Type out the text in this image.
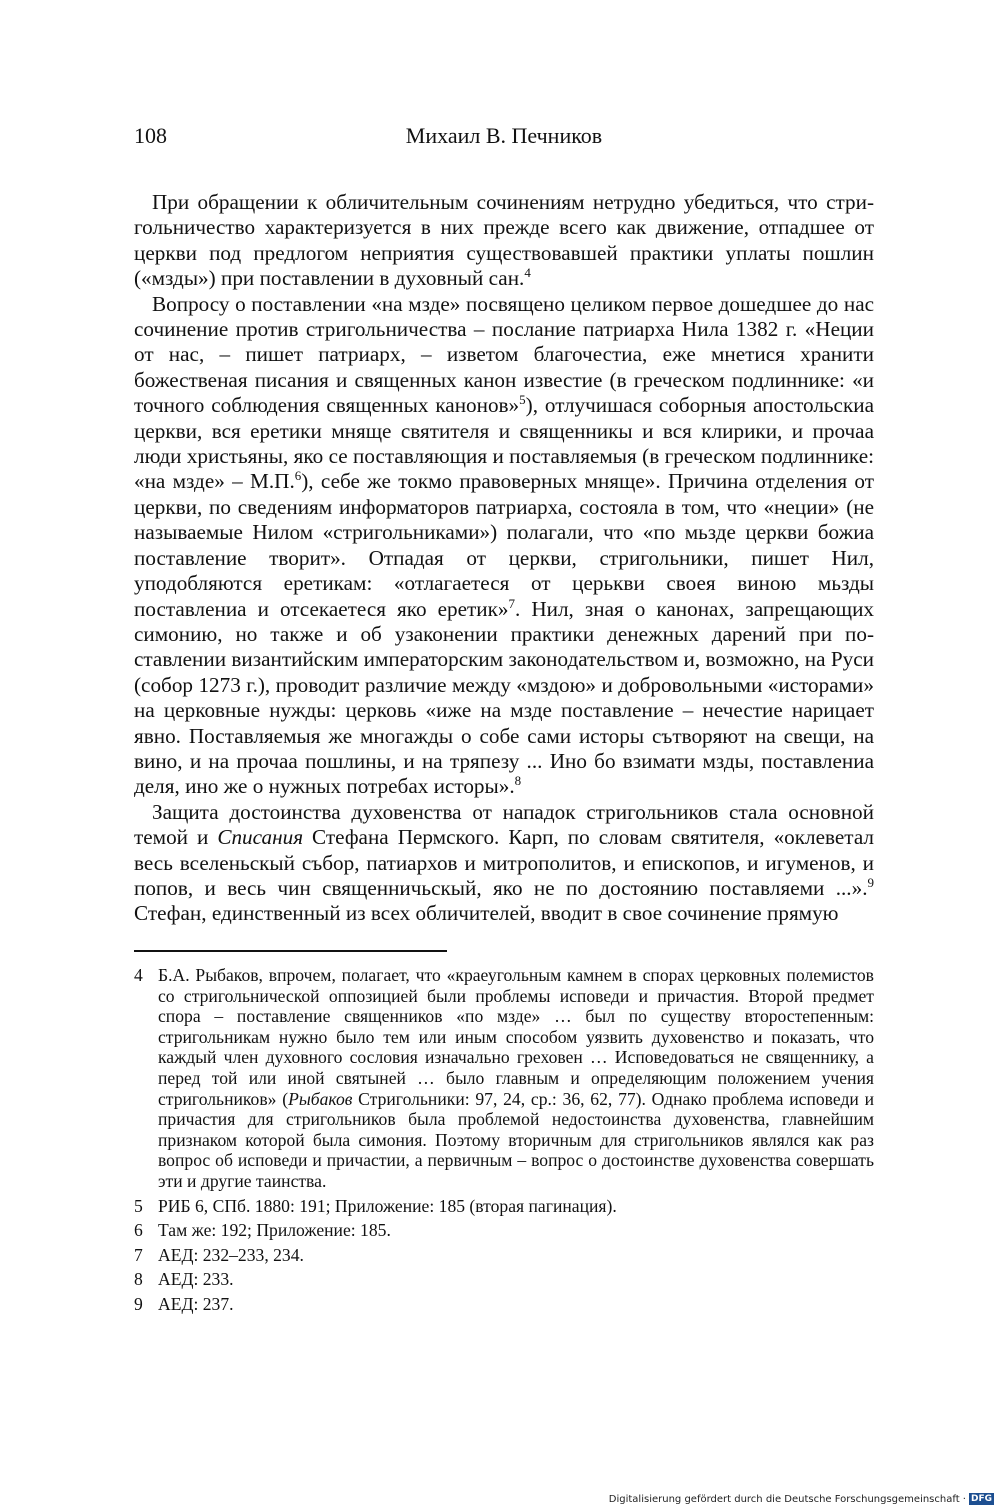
108	Михаил В. Печников

При обращении к обличительным сочинениям нетрудно убедиться, что стригольничество характеризуется в них прежде всего как движение, отпадшее от церкви под предлогом неприятия существовавшей практики уплаты пошлин («мзды») при поставлении в духовный сан.$^4$

Вопросу о поставлении «на мзде» посвящено целиком первое дошедшее до нас сочинение против стригольничества – послание патриарха Нила 1382 г. «Неции от нас, – пишет патриарх, – изветом благочестиа, еже мнетися хранити божественая писания и священных канон известие (в греческом подлиннике: «и точного соблюдения священных канонов»$^5$), отлучишася соборныя апостольскиа церкви, вся еретики мняще святителя и священникы и вся клирики, и прочаа люди христьяны, яко се поставляющия и поставляемыя (в греческом подлиннике: «на мзде» – М.П.$^6$), себе же токмо правоверных мняще». Причина отделения от церкви, по сведениям информаторов патриарха, состояла в том, что «неции» (не называемые Нилом «стригольниками») полагали, что «по мьзде церкви божиа поставление творит». Отпадая от церкви, стригольники, пишет Нил, уподобляются еретикам: «отлагаетеся от церькви своея виною мьзды поставлениа и отсекаетеся яко еретик»$^7$. Нил, зная о канонах, запрещающих симонию, но также и об узаконении практики денежных дарений при поставлении византийским императорским законодательством и, возможно, на Руси (собор 1273 г.), проводит различие между «мздою» и добровольными «исторами» на церковные нужды: церковь «иже на мзде поставление – нечестие нарицает явно. Поставляемыя же многажды о собе сами исторы сътворяют на свещи, на вино, и на прочаа пошлины, и на тряпезу ... Ино бо взимати мзды, поставлениа деля, ино же о нужных потребах исторы».$^8$

Защита достоинства духовенства от нападок стригольников стала основной темой и Списания Стефана Пермского. Карп, по словам святителя, «оклеветал весь вселеньскый събор, патиархов и митрополитов, и епископов, и игуменов, и попов, и весь чин священничьскый, яко не по достоянию поставляеми ...».$^9$ Стефан, единственный из всех обличителей, вводит в свое сочинение прямую

4 Б.А. Рыбаков, впрочем, полагает, что «краеугольным камнем в спорах церковных полемистов со стригольнической оппозицией были проблемы исповеди и причастия. Второй предмет спора – поставление священников «по мзде» … был по существу второстепенным: стригольникам нужно было тем или иным способом уязвить духовенство и показать, что каждый член духовного сословия изначально греховен … Исповедоваться не священнику, а перед той или иной святыней … было главным и определяющим положением учения стригольников» (Рыбаков Стригольники: 97, 24, ср.: 36, 62, 77). Однако проблема исповеди и причастия для стригольников была проблемой недостоинства духовенства, главнейшим признаком которой была симония. Поэтому вторичным для стригольников являлся как раз вопрос об исповеди и причастии, а первичным – вопрос о достоинстве духовенства совершать эти и другие таинства.
5 РИБ 6, СПб. 1880: 191; Приложение: 185 (вторая пагинация).
6 Там же: 192; Приложение: 185.
7 АЕД: 232–233, 234.
8 АЕД: 233.
9 АЕД: 237.
Digitalisierung gefördert durch die Deutsche Forschungsgemeinschaft · DFG
